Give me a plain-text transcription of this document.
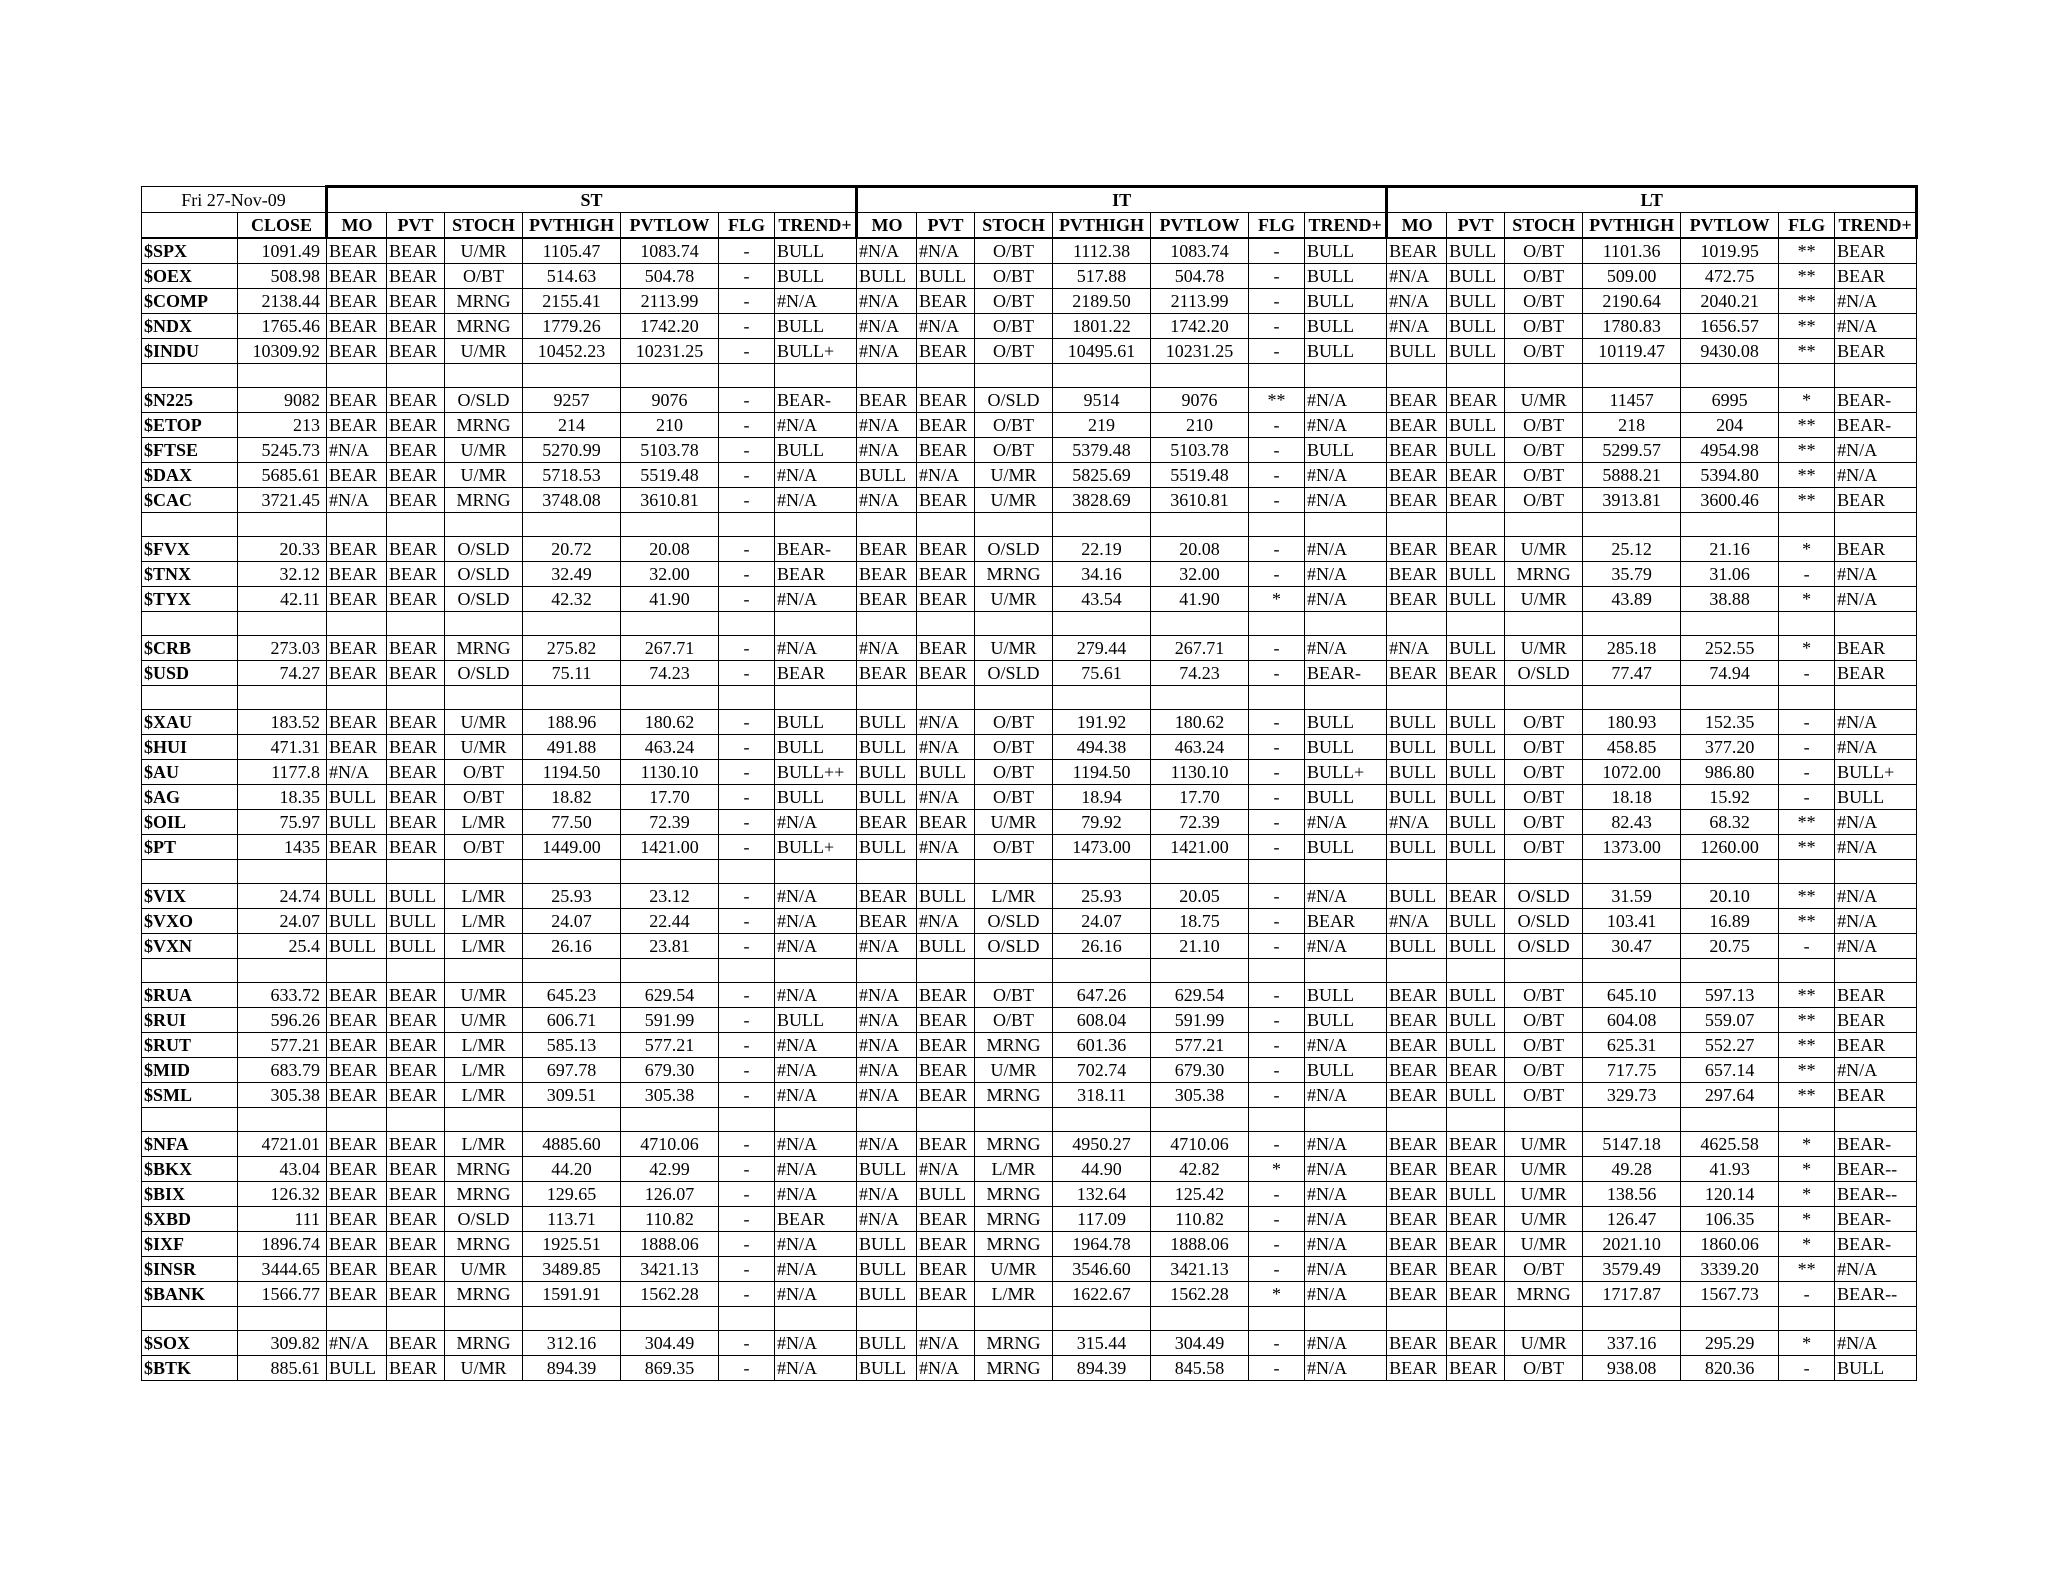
Fri 27-Nov-09		ST							IT							LT						
	CLOSE	MO	PVT	STOCH	PVTHIGH	PVTLOW	FLG	TREND+	MO	PVT	STOCH	PVTHIGH	PVTLOW	FLG	TREND+	MO	PVT	STOCH	PVTHIGH	PVTLOW	FLG	TREND+
$SPX	1091.49	BEAR	BEAR	U/MR	1105.47	1083.74	-	BULL	#N/A	#N/A	O/BT	1112.38	1083.74	-	BULL	BEAR	BULL	O/BT	1101.36	1019.95	**	BEAR
$OEX	508.98	BEAR	BEAR	O/BT	514.63	504.78	-	BULL	BULL	BULL	O/BT	517.88	504.78	-	BULL	#N/A	BULL	O/BT	509.00	472.75	**	BEAR
$COMP	2138.44	BEAR	BEAR	MRNG	2155.41	2113.99	-	#N/A	#N/A	BEAR	O/BT	2189.50	2113.99	-	BULL	#N/A	BULL	O/BT	2190.64	2040.21	**	#N/A
$NDX	1765.46	BEAR	BEAR	MRNG	1779.26	1742.20	-	BULL	#N/A	#N/A	O/BT	1801.22	1742.20	-	BULL	#N/A	BULL	O/BT	1780.83	1656.57	**	#N/A
$INDU	10309.92	BEAR	BEAR	U/MR	10452.23	10231.25	-	BULL+	#N/A	BEAR	O/BT	10495.61	10231.25	-	BULL	BULL	BULL	O/BT	10119.47	9430.08	**	BEAR

$N225	9082	BEAR	BEAR	O/SLD	9257	9076	-	BEAR-	BEAR	BEAR	O/SLD	9514	9076	**	#N/A	BEAR	BEAR	U/MR	11457	6995	*	BEAR-
$ETOP	213	BEAR	BEAR	MRNG	214	210	-	#N/A	#N/A	BEAR	O/BT	219	210	-	#N/A	BEAR	BULL	O/BT	218	204	**	BEAR-
$FTSE	5245.73	#N/A	BEAR	U/MR	5270.99	5103.78	-	BULL	#N/A	BEAR	O/BT	5379.48	5103.78	-	BULL	BEAR	BULL	O/BT	5299.57	4954.98	**	#N/A
$DAX	5685.61	BEAR	BEAR	U/MR	5718.53	5519.48	-	#N/A	BULL	#N/A	U/MR	5825.69	5519.48	-	#N/A	BEAR	BEAR	O/BT	5888.21	5394.80	**	#N/A
$CAC	3721.45	#N/A	BEAR	MRNG	3748.08	3610.81	-	#N/A	#N/A	BEAR	U/MR	3828.69	3610.81	-	#N/A	BEAR	BEAR	O/BT	3913.81	3600.46	**	BEAR

$FVX	20.33	BEAR	BEAR	O/SLD	20.72	20.08	-	BEAR-	BEAR	BEAR	O/SLD	22.19	20.08	-	#N/A	BEAR	BEAR	U/MR	25.12	21.16	*	BEAR
$TNX	32.12	BEAR	BEAR	O/SLD	32.49	32.00	-	BEAR	BEAR	BEAR	MRNG	34.16	32.00	-	#N/A	BEAR	BULL	MRNG	35.79	31.06	-	#N/A
$TYX	42.11	BEAR	BEAR	O/SLD	42.32	41.90	-	#N/A	BEAR	BEAR	U/MR	43.54	41.90	*	#N/A	BEAR	BULL	U/MR	43.89	38.88	*	#N/A

$CRB	273.03	BEAR	BEAR	MRNG	275.82	267.71	-	#N/A	#N/A	BEAR	U/MR	279.44	267.71	-	#N/A	#N/A	BULL	U/MR	285.18	252.55	*	BEAR
$USD	74.27	BEAR	BEAR	O/SLD	75.11	74.23	-	BEAR	BEAR	BEAR	O/SLD	75.61	74.23	-	BEAR-	BEAR	BEAR	O/SLD	77.47	74.94	-	BEAR

$XAU	183.52	BEAR	BEAR	U/MR	188.96	180.62	-	BULL	BULL	#N/A	O/BT	191.92	180.62	-	BULL	BULL	BULL	O/BT	180.93	152.35	-	#N/A
$HUI	471.31	BEAR	BEAR	U/MR	491.88	463.24	-	BULL	BULL	#N/A	O/BT	494.38	463.24	-	BULL	BULL	BULL	O/BT	458.85	377.20	-	#N/A
$AU	1177.8	#N/A	BEAR	O/BT	1194.50	1130.10	-	BULL++	BULL	BULL	O/BT	1194.50	1130.10	-	BULL+	BULL	BULL	O/BT	1072.00	986.80	-	BULL+
$AG	18.35	BULL	BEAR	O/BT	18.82	17.70	-	BULL	BULL	#N/A	O/BT	18.94	17.70	-	BULL	BULL	BULL	O/BT	18.18	15.92	-	BULL
$OIL	75.97	BULL	BEAR	L/MR	77.50	72.39	-	#N/A	BEAR	BEAR	U/MR	79.92	72.39	-	#N/A	#N/A	BULL	O/BT	82.43	68.32	**	#N/A
$PT	1435	BEAR	BEAR	O/BT	1449.00	1421.00	-	BULL+	BULL	#N/A	O/BT	1473.00	1421.00	-	BULL	BULL	BULL	O/BT	1373.00	1260.00	**	#N/A

$VIX	24.74	BULL	BULL	L/MR	25.93	23.12	-	#N/A	BEAR	BULL	L/MR	25.93	20.05	-	#N/A	BULL	BEAR	O/SLD	31.59	20.10	**	#N/A
$VXO	24.07	BULL	BULL	L/MR	24.07	22.44	-	#N/A	BEAR	#N/A	O/SLD	24.07	18.75	-	BEAR	#N/A	BULL	O/SLD	103.41	16.89	**	#N/A
$VXN	25.4	BULL	BULL	L/MR	26.16	23.81	-	#N/A	#N/A	BULL	O/SLD	26.16	21.10	-	#N/A	BULL	BULL	O/SLD	30.47	20.75	-	#N/A

$RUA	633.72	BEAR	BEAR	U/MR	645.23	629.54	-	#N/A	#N/A	BEAR	O/BT	647.26	629.54	-	BULL	BEAR	BULL	O/BT	645.10	597.13	**	BEAR
$RUI	596.26	BEAR	BEAR	U/MR	606.71	591.99	-	BULL	#N/A	BEAR	O/BT	608.04	591.99	-	BULL	BEAR	BULL	O/BT	604.08	559.07	**	BEAR
$RUT	577.21	BEAR	BEAR	L/MR	585.13	577.21	-	#N/A	#N/A	BEAR	MRNG	601.36	577.21	-	#N/A	BEAR	BULL	O/BT	625.31	552.27	**	BEAR
$MID	683.79	BEAR	BEAR	L/MR	697.78	679.30	-	#N/A	#N/A	BEAR	U/MR	702.74	679.30	-	BULL	BEAR	BEAR	O/BT	717.75	657.14	**	#N/A
$SML	305.38	BEAR	BEAR	L/MR	309.51	305.38	-	#N/A	#N/A	BEAR	MRNG	318.11	305.38	-	#N/A	BEAR	BULL	O/BT	329.73	297.64	**	BEAR

$NFA	4721.01	BEAR	BEAR	L/MR	4885.60	4710.06	-	#N/A	#N/A	BEAR	MRNG	4950.27	4710.06	-	#N/A	BEAR	BEAR	U/MR	5147.18	4625.58	*	BEAR-
$BKX	43.04	BEAR	BEAR	MRNG	44.20	42.99	-	#N/A	BULL	#N/A	L/MR	44.90	42.82	*	#N/A	BEAR	BEAR	U/MR	49.28	41.93	*	BEAR--
$BIX	126.32	BEAR	BEAR	MRNG	129.65	126.07	-	#N/A	#N/A	BULL	MRNG	132.64	125.42	-	#N/A	BEAR	BULL	U/MR	138.56	120.14	*	BEAR--
$XBD	111	BEAR	BEAR	O/SLD	113.71	110.82	-	BEAR	#N/A	BEAR	MRNG	117.09	110.82	-	#N/A	BEAR	BEAR	U/MR	126.47	106.35	*	BEAR-
$IXF	1896.74	BEAR	BEAR	MRNG	1925.51	1888.06	-	#N/A	BULL	BEAR	MRNG	1964.78	1888.06	-	#N/A	BEAR	BEAR	U/MR	2021.10	1860.06	*	BEAR-
$INSR	3444.65	BEAR	BEAR	U/MR	3489.85	3421.13	-	#N/A	BULL	BEAR	U/MR	3546.60	3421.13	-	#N/A	BEAR	BEAR	O/BT	3579.49	3339.20	**	#N/A
$BANK	1566.77	BEAR	BEAR	MRNG	1591.91	1562.28	-	#N/A	BULL	BEAR	L/MR	1622.67	1562.28	*	#N/A	BEAR	BEAR	MRNG	1717.87	1567.73	-	BEAR--

$SOX	309.82	#N/A	BEAR	MRNG	312.16	304.49	-	#N/A	BULL	#N/A	MRNG	315.44	304.49	-	#N/A	BEAR	BEAR	U/MR	337.16	295.29	*	#N/A
$BTK	885.61	BULL	BEAR	U/MR	894.39	869.35	-	#N/A	BULL	#N/A	MRNG	894.39	845.58	-	#N/A	BEAR	BEAR	O/BT	938.08	820.36	-	BULL
